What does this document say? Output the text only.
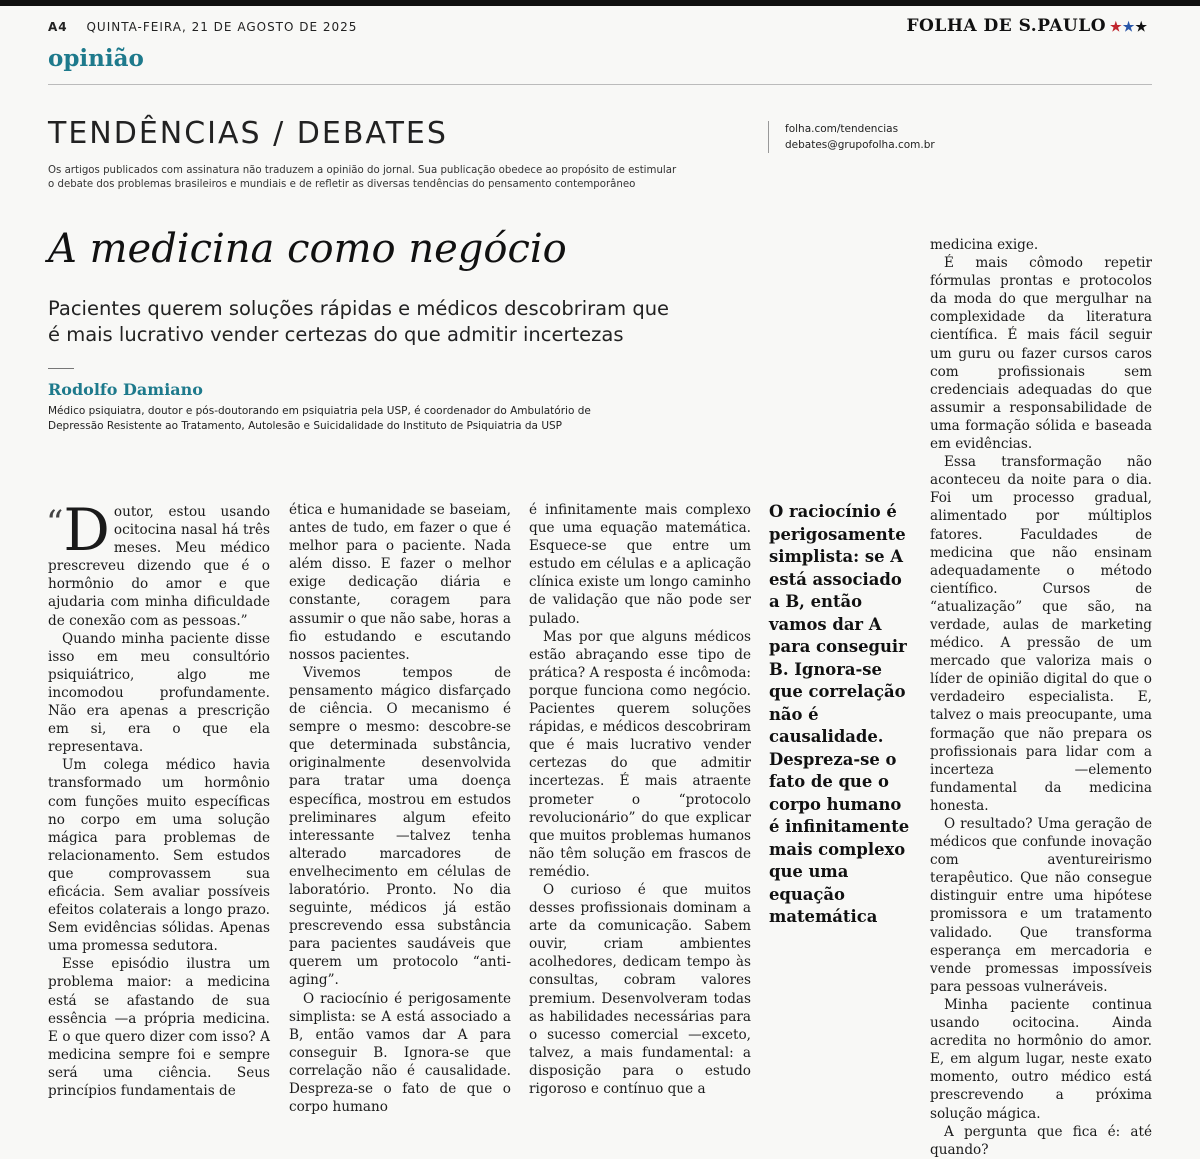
A4 QUINTA-FEIRA, 21 DE AGOSTO DE 2025	FOLHA DE S.PAULO ★★★
opinião
TENDÊNCIAS / DEBATES	folha.com/tendencias
debates@grupofolha.com.br
Os artigos publicados com assinatura não traduzem a opinião do jornal. Sua publicação obedece ao propósito de estimular
o debate dos problemas brasileiros e mundiais e de refletir as diversas tendências do pensamento contemporâneo
A medicina como negócio
Pacientes querem soluções rápidas e médicos descobriram que
é mais lucrativo vender certezas do que admitir incertezas
Rodolfo Damiano
Médico psiquiatra, doutor e pós-doutorando em psiquiatria pela USP, é coordenador do Ambulatório de
Depressão Resistente ao Tratamento, Autolesão e Suicidalidade do Instituto de Psiquiatria da USP
“D outor, estou usando ocitocina nasal há três meses. Meu médico prescreveu dizendo que é o hormônio do amor e que ajudaria com minha dificuldade de conexão com as pessoas.”

Quando minha paciente disse isso em meu consultório psiquiátrico, algo me incomodou profundamente. Não era apenas a prescrição em si, era o que ela representava.

Um colega médico havia transformado um hormônio com funções muito específicas no corpo em uma solução mágica para problemas de relacionamento. Sem estudos que comprovassem sua eficácia. Sem avaliar possíveis efeitos colaterais a longo prazo. Sem evidências sólidas. Apenas uma promessa sedutora.

Esse episódio ilustra um problema maior: a medicina está se afastando de sua essência —a própria medicina. E o que quero dizer com isso? A medicina sempre foi e sempre será uma ciência. Seus princípios fundamentais de

ética e humanidade se baseiam, antes de tudo, em fazer o que é melhor para o paciente. Nada além disso. E fazer o melhor exige dedicação diária e constante, coragem para assumir o que não sabe, horas a fio estudando e escutando nossos pacientes.

Vivemos tempos de pensamento mágico disfarçado de ciência. O mecanismo é sempre o mesmo: descobre-se que determinada substância, originalmente desenvolvida para tratar uma doença específica, mostrou em estudos preliminares algum efeito interessante —talvez tenha alterado marcadores de envelhecimento em células de laboratório. Pronto. No dia seguinte, médicos já estão prescrevendo essa substância para pacientes saudáveis que querem um protocolo “anti-aging”.

O raciocínio é perigosamente simplista: se A está associado a B, então vamos dar A para conseguir B. Ignora-se que correlação não é causalidade. Despreza-se o fato de que o corpo humano

é infinitamente mais complexo que uma equação matemática. Esquece-se que entre um estudo em células e a aplicação clínica existe um longo caminho de validação que não pode ser pulado.

Mas por que alguns médicos estão abraçando esse tipo de prática? A resposta é incômoda: porque funciona como negócio. Pacientes querem soluções rápidas, e médicos descobriram que é mais lucrativo vender certezas do que admitir incertezas. É mais atraente prometer o “protocolo revolucionário” do que explicar que muitos problemas humanos não têm solução em frascos de remédio.

O curioso é que muitos desses profissionais dominam a arte da comunicação. Sabem ouvir, criam ambientes acolhedores, dedicam tempo às consultas, cobram valores premium. Desenvolveram todas as habilidades necessárias para o sucesso comercial —exceto, talvez, a mais fundamental: a disposição para o estudo rigoroso e contínuo que a

O raciocínio é perigosamente simplista: se A está associado a B, então vamos dar A para conseguir B. Ignora-se que correlação não é causalidade. Despreza-se o fato de que o corpo humano é infinitamente mais complexo que uma equação matemática

medicina exige.

É mais cômodo repetir fórmulas prontas e protocolos da moda do que mergulhar na complexidade da literatura científica. É mais fácil seguir um guru ou fazer cursos caros com profissionais sem credenciais adequadas do que assumir a responsabilidade de uma formação sólida e baseada em evidências.

Essa transformação não aconteceu da noite para o dia. Foi um processo gradual, alimentado por múltiplos fatores. Faculdades de medicina que não ensinam adequadamente o método científico. Cursos de “atualização” que são, na verdade, aulas de marketing médico. A pressão de um mercado que valoriza mais o líder de opinião digital do que o verdadeiro especialista. E, talvez o mais preocupante, uma formação que não prepara os profissionais para lidar com a incerteza —elemento fundamental da medicina honesta.

O resultado? Uma geração de médicos que confunde inovação com aventureirismo terapêutico. Que não consegue distinguir entre uma hipótese promissora e um tratamento validado. Que transforma esperança em mercadoria e vende promessas impossíveis para pessoas vulneráveis.

Minha paciente continua usando ocitocina. Ainda acredita no hormônio do amor. E, em algum lugar, neste exato momento, outro médico está prescrevendo a próxima solução mágica.

A pergunta que fica é: até quando?
